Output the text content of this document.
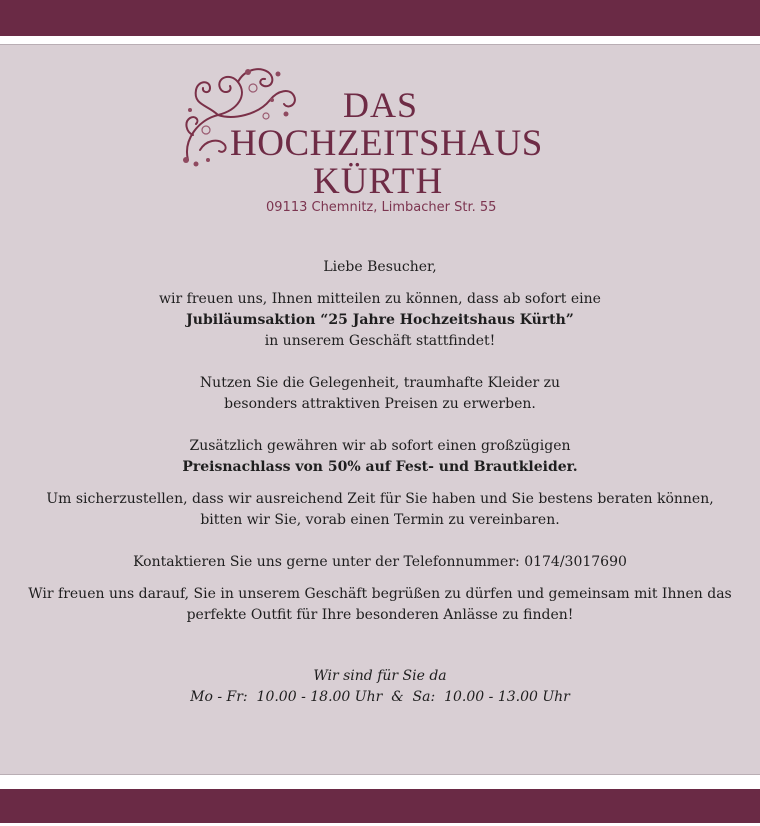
DAS
HOCHZEITSHAUS
KÜRTH
09113 Chemnitz, Limbacher Str. 55

Liebe Besucher,

wir freuen uns, Ihnen mitteilen zu können, dass ab sofort eine

Jubiläumsaktion “25 Jahre Hochzeitshaus Kürth”

in unserem Geschäft stattfindet!

Nutzen Sie die Gelegenheit, traumhafte Kleider zu

besonders attraktiven Preisen zu erwerben.

Zusätzlich gewähren wir ab sofort einen großzügigen

Preisnachlass von 50% auf Fest- und Brautkleider.

Um sicherzustellen, dass wir ausreichend Zeit für Sie haben und Sie bestens beraten können,

bitten wir Sie, vorab einen Termin zu vereinbaren.

Kontaktieren Sie uns gerne unter der Telefonnummer: 0174/3017690

Wir freuen uns darauf, Sie in unserem Geschäft begrüßen zu dürfen und gemeinsam mit Ihnen das

perfekte Outfit für Ihre besonderen Anlässe zu finden!

Wir sind für Sie da

Mo - Fr:  10.00 - 18.00 Uhr  &  Sa:  10.00 - 13.00 Uhr
